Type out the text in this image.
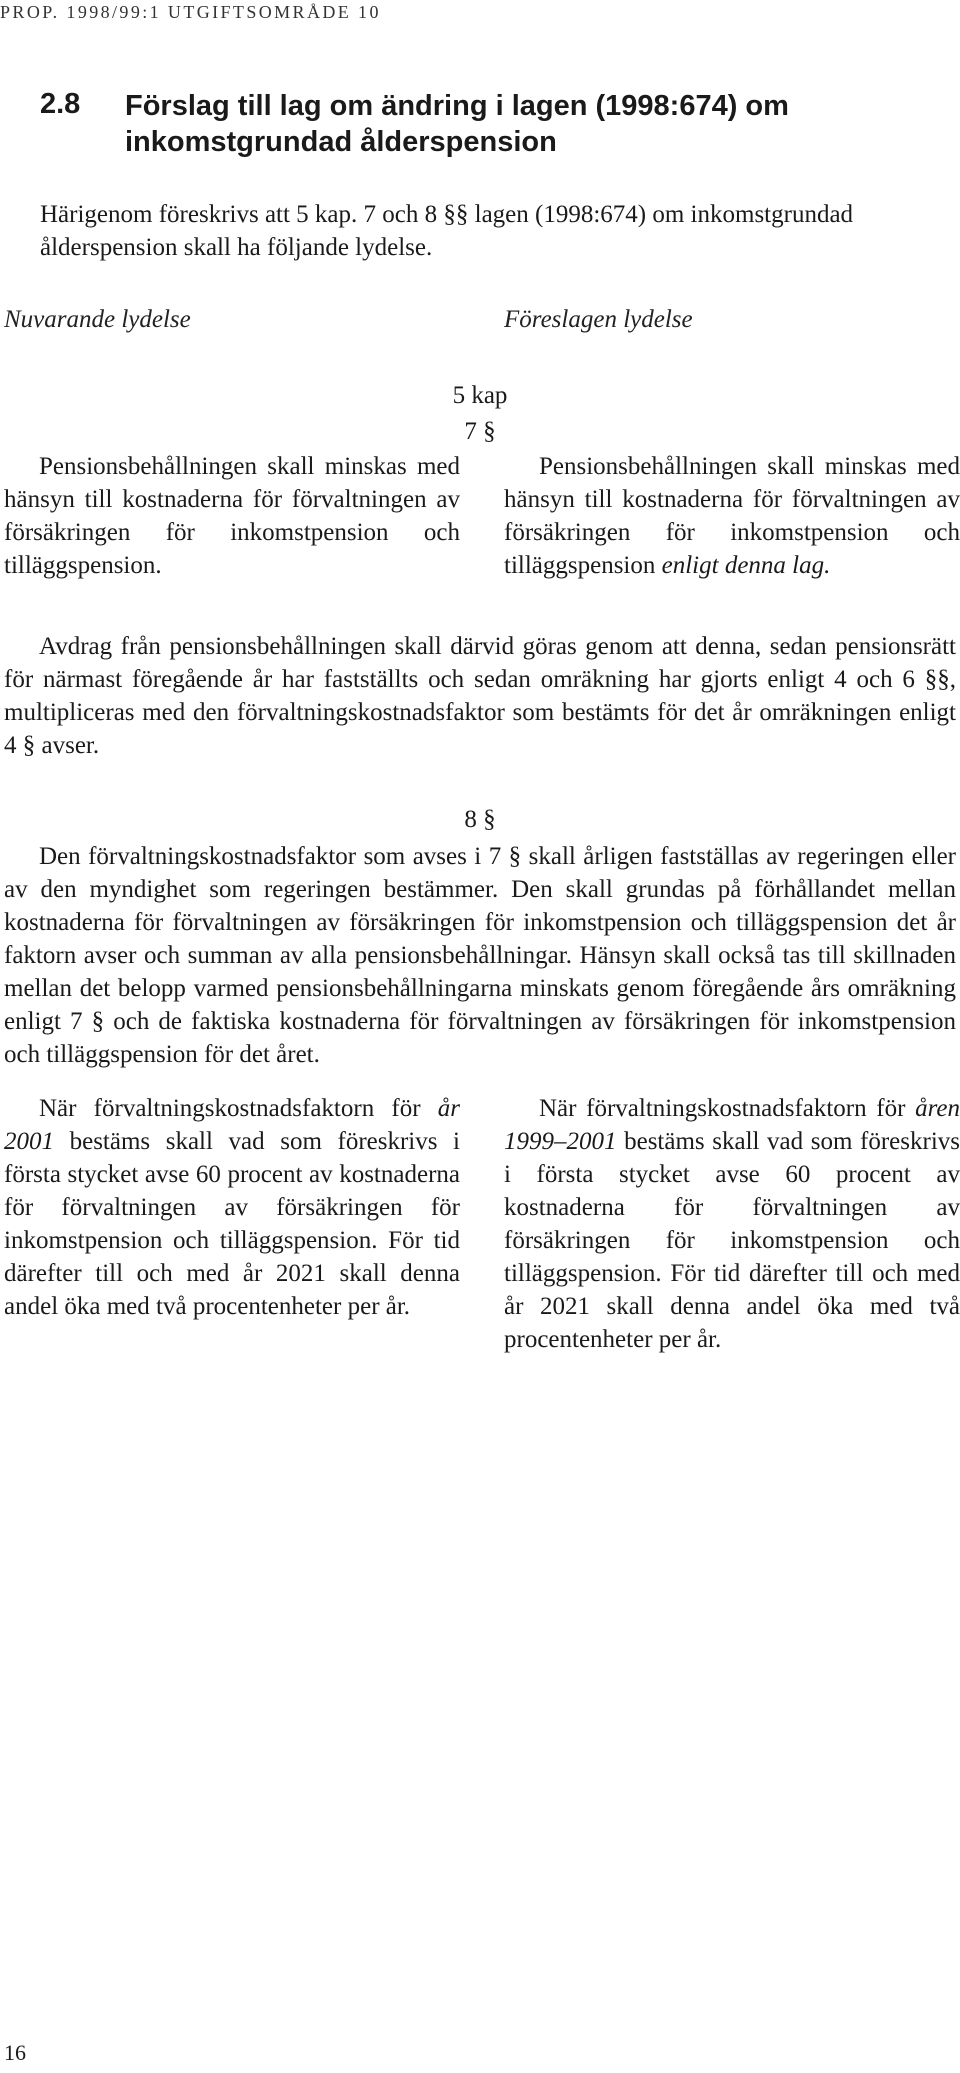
PROP. 1998/99:1 UTGIFTSOMRÅDE 10
2.8 Förslag till lag om ändring i lagen (1998:674) om inkomstgrundad ålderspension
Härigenom föreskrivs att 5 kap. 7 och 8 §§ lagen (1998:674) om inkomstgrundad ålderspension skall ha följande lydelse.
Nuvarande lydelse	Föreslagen lydelse
5 kap
7 §
Pensionsbehållningen skall minskas med hänsyn till kostnaderna för förvaltningen av försäkringen för inkomstpension och tilläggspension.
Pensionsbehållningen skall minskas med hänsyn till kostnaderna för förvaltningen av försäkringen för inkomstpension och tilläggspension enligt denna lag.
Avdrag från pensionsbehållningen skall därvid göras genom att denna, sedan pensionsrätt för närmast föregående år har fastställts och sedan omräkning har gjorts enligt 4 och 6 §§, multipliceras med den förvaltningskostnadsfaktor som bestämts för det år omräkningen enligt 4 § avser.
8 §
Den förvaltningskostnadsfaktor som avses i 7 § skall årligen fastställas av regeringen eller av den myndighet som regeringen bestämmer. Den skall grundas på förhållandet mellan kostnaderna för förvaltningen av försäkringen för inkomstpension och tilläggspension det år faktorn avser och summan av alla pensionsbehållningar. Hänsyn skall också tas till skillnaden mellan det belopp varmed pensionsbehållningarna minskats genom föregående års omräkning enligt 7 § och de faktiska kostnaderna för förvaltningen av försäkringen för inkomstpension och tilläggspension för det året.
När förvaltningskostnadsfaktorn för år 2001 bestäms skall vad som föreskrivs i första stycket avse 60 procent av kostnaderna för förvaltningen av försäkringen för inkomstpension och tilläggspension. För tid därefter till och med år 2021 skall denna andel öka med två procentenheter per år.
När förvaltningskostnadsfaktorn för åren 1999–2001 bestäms skall vad som föreskrivs i första stycket avse 60 procent av kostnaderna för förvaltningen av försäkringen för inkomstpension och tilläggspension. För tid därefter till och med år 2021 skall denna andel öka med två procentenheter per år.
16
